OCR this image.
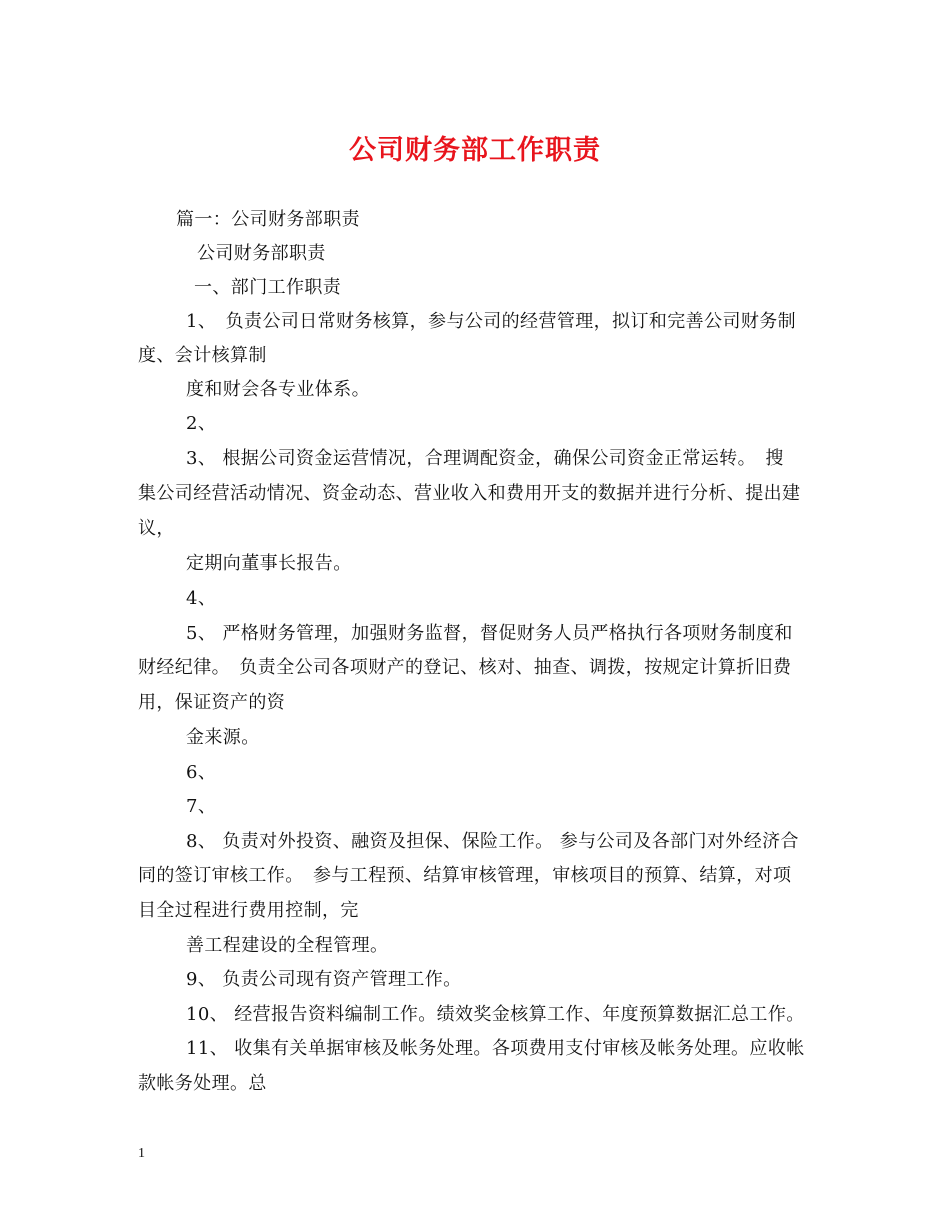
公司财务部工作职责
篇一：公司财务部职责
公司财务部职责
一、部门工作职责
1、　负责公司日常财务核算，参与公司的经营管理，拟订和完善公司财务制
度、会计核算制
度和财会各专业体系。
2、
3、 根据公司资金运营情况，合理调配资金，确保公司资金正常运转。　搜
集公司经营活动情况、资金动态、营业收入和费用开支的数据并进行分析、提出建
议，
定期向董事长报告。
4、
5、 严格财务管理，加强财务监督，督促财务人员严格执行各项财务制度和
财经纪律。　负责全公司各项财产的登记、核对、抽查、调拨，按规定计算折旧费
用，保证资产的资
金来源。
6、
7、
8、 负责对外投资、融资及担保、保险工作。 参与公司及各部门对外经济合
同的签订审核工作。　参与工程预、结算审核管理，审核项目的预算、结算，对项
目全过程进行费用控制，完
善工程建设的全程管理。
9、 负责公司现有资产管理工作。
10、 经营报告资料编制工作。绩效奖金核算工作、年度预算数据汇总工作。
11、 收集有关单据审核及帐务处理。各项费用支付审核及帐务处理。应收帐
款帐务处理。总
1
